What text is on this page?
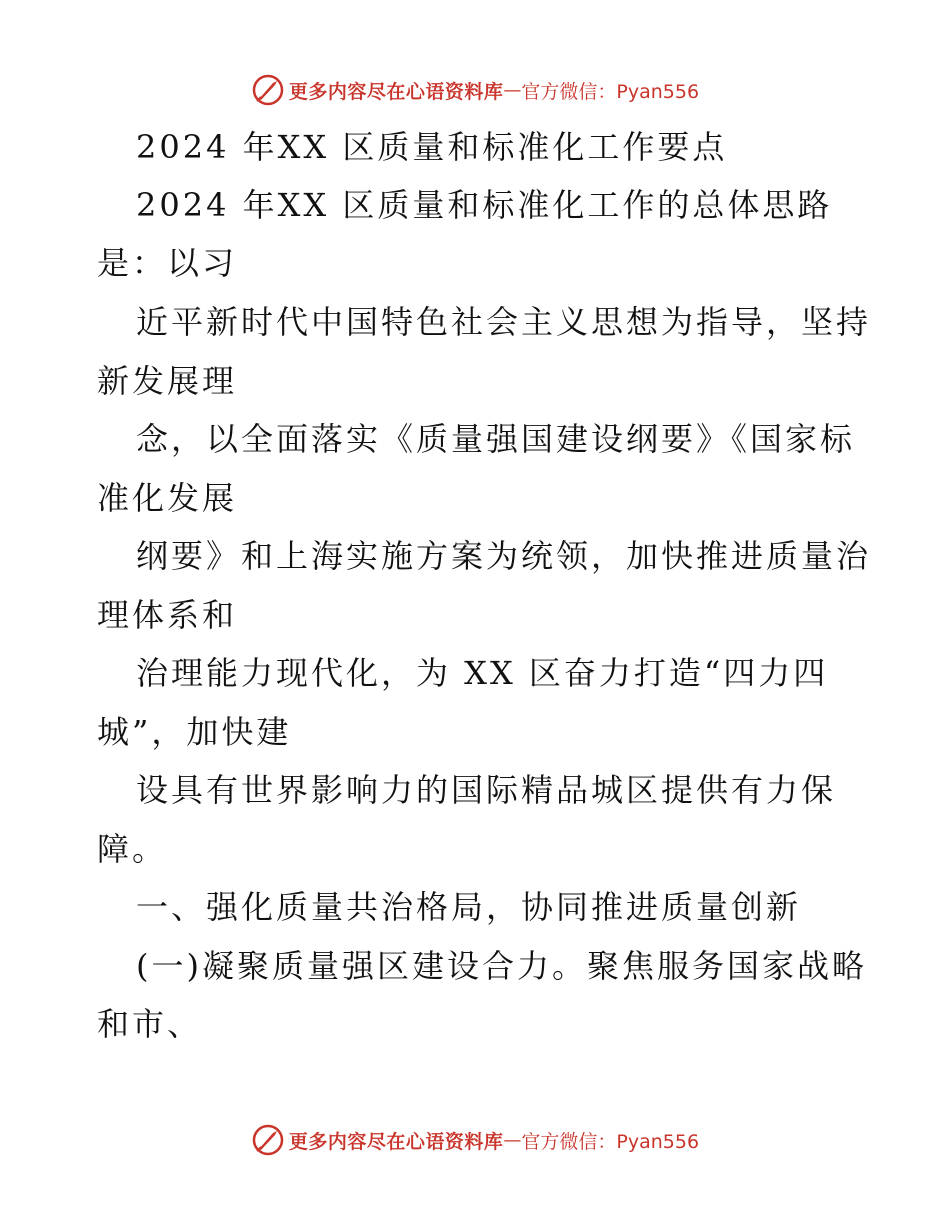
更多内容尽在心语资料库 — 官方微信：Pyan556
2024 年XX 区质量和标准化工作要点
2024 年XX 区质量和标准化工作的总体思路
是：以习
近平新时代中国特色社会主义思想为指导，坚持
新发展理
念，以全面落实《质量强国建设纲要》《国家标
准化发展
纲要》和上海实施方案为统领，加快推进质量治
理体系和
治理能力现代化，为 XX 区奋力打造“四力四
城”，加快建
设具有世界影响力的国际精品城区提供有力保
障。
一、强化质量共治格局，协同推进质量创新
(一)凝聚质量强区建设合力。聚焦服务国家战略
和市、
更多内容尽在心语资料库 — 官方微信：Pyan556
